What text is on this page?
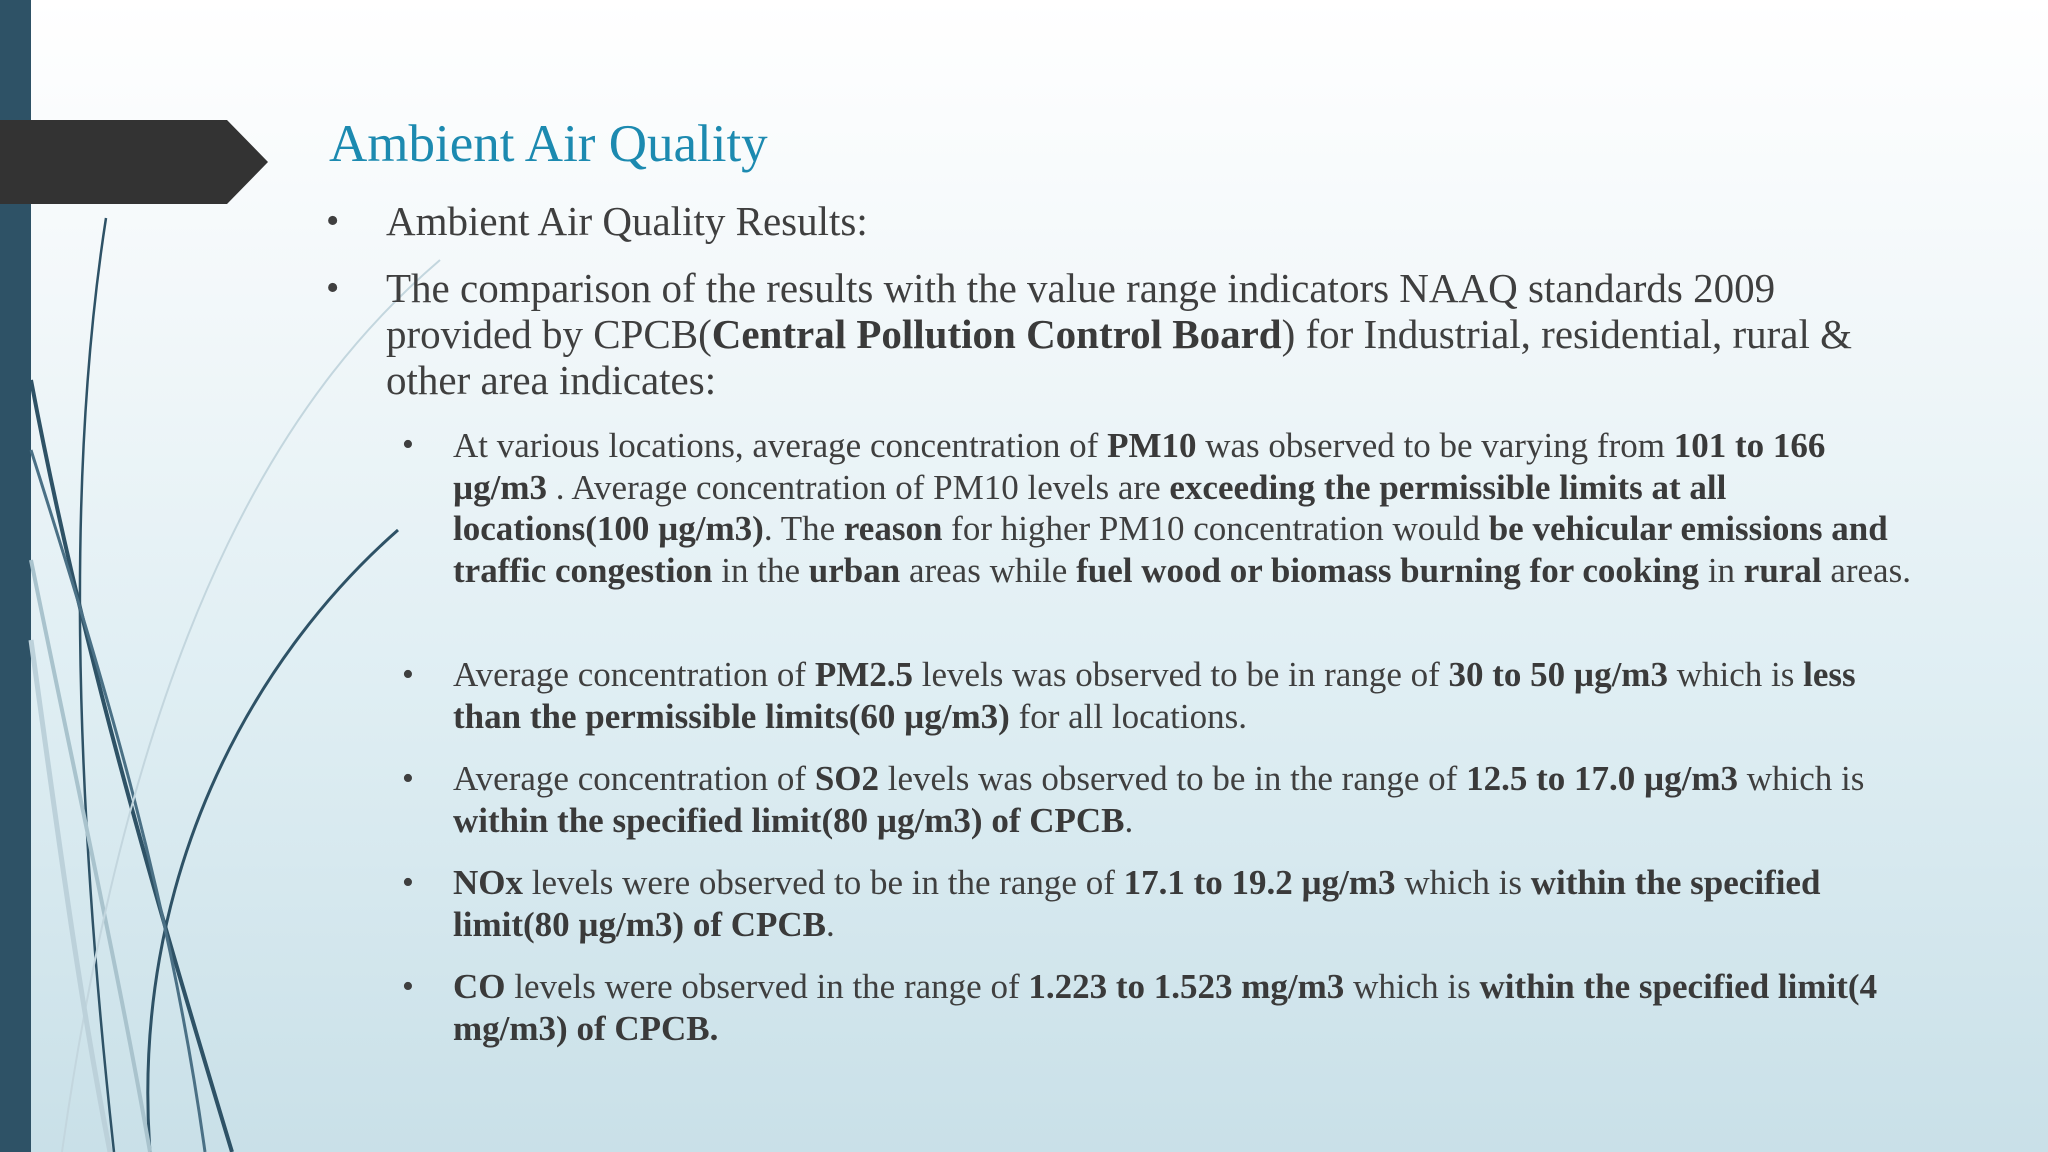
Ambient Air Quality
• Ambient Air Quality Results:
• The comparison of the results with the value range indicators NAAQ standards 2009 provided by CPCB(Central Pollution Control Board) for Industrial, residential, rural & other area indicates:
• At various locations, average concentration of PM10 was observed to be varying from 101 to 166 µg/m3 . Average concentration of PM10 levels are exceeding the permissible limits at all locations(100 µg/m3). The reason for higher PM10 concentration would be vehicular emissions and traffic congestion in the urban areas while fuel wood or biomass burning for cooking in rural areas.
• Average concentration of PM2.5 levels was observed to be in range of 30 to 50 µg/m3 which is less than the permissible limits(60 µg/m3) for all locations.
• Average concentration of SO2 levels was observed to be in the range of 12.5 to 17.0 µg/m3 which is within the specified limit(80 µg/m3) of CPCB.
• NOx levels were observed to be in the range of 17.1 to 19.2 µg/m3 which is within the specified limit(80 µg/m3) of CPCB.
• CO levels were observed in the range of 1.223 to 1.523 mg/m3 which is within the specified limit(4 mg/m3) of CPCB.
